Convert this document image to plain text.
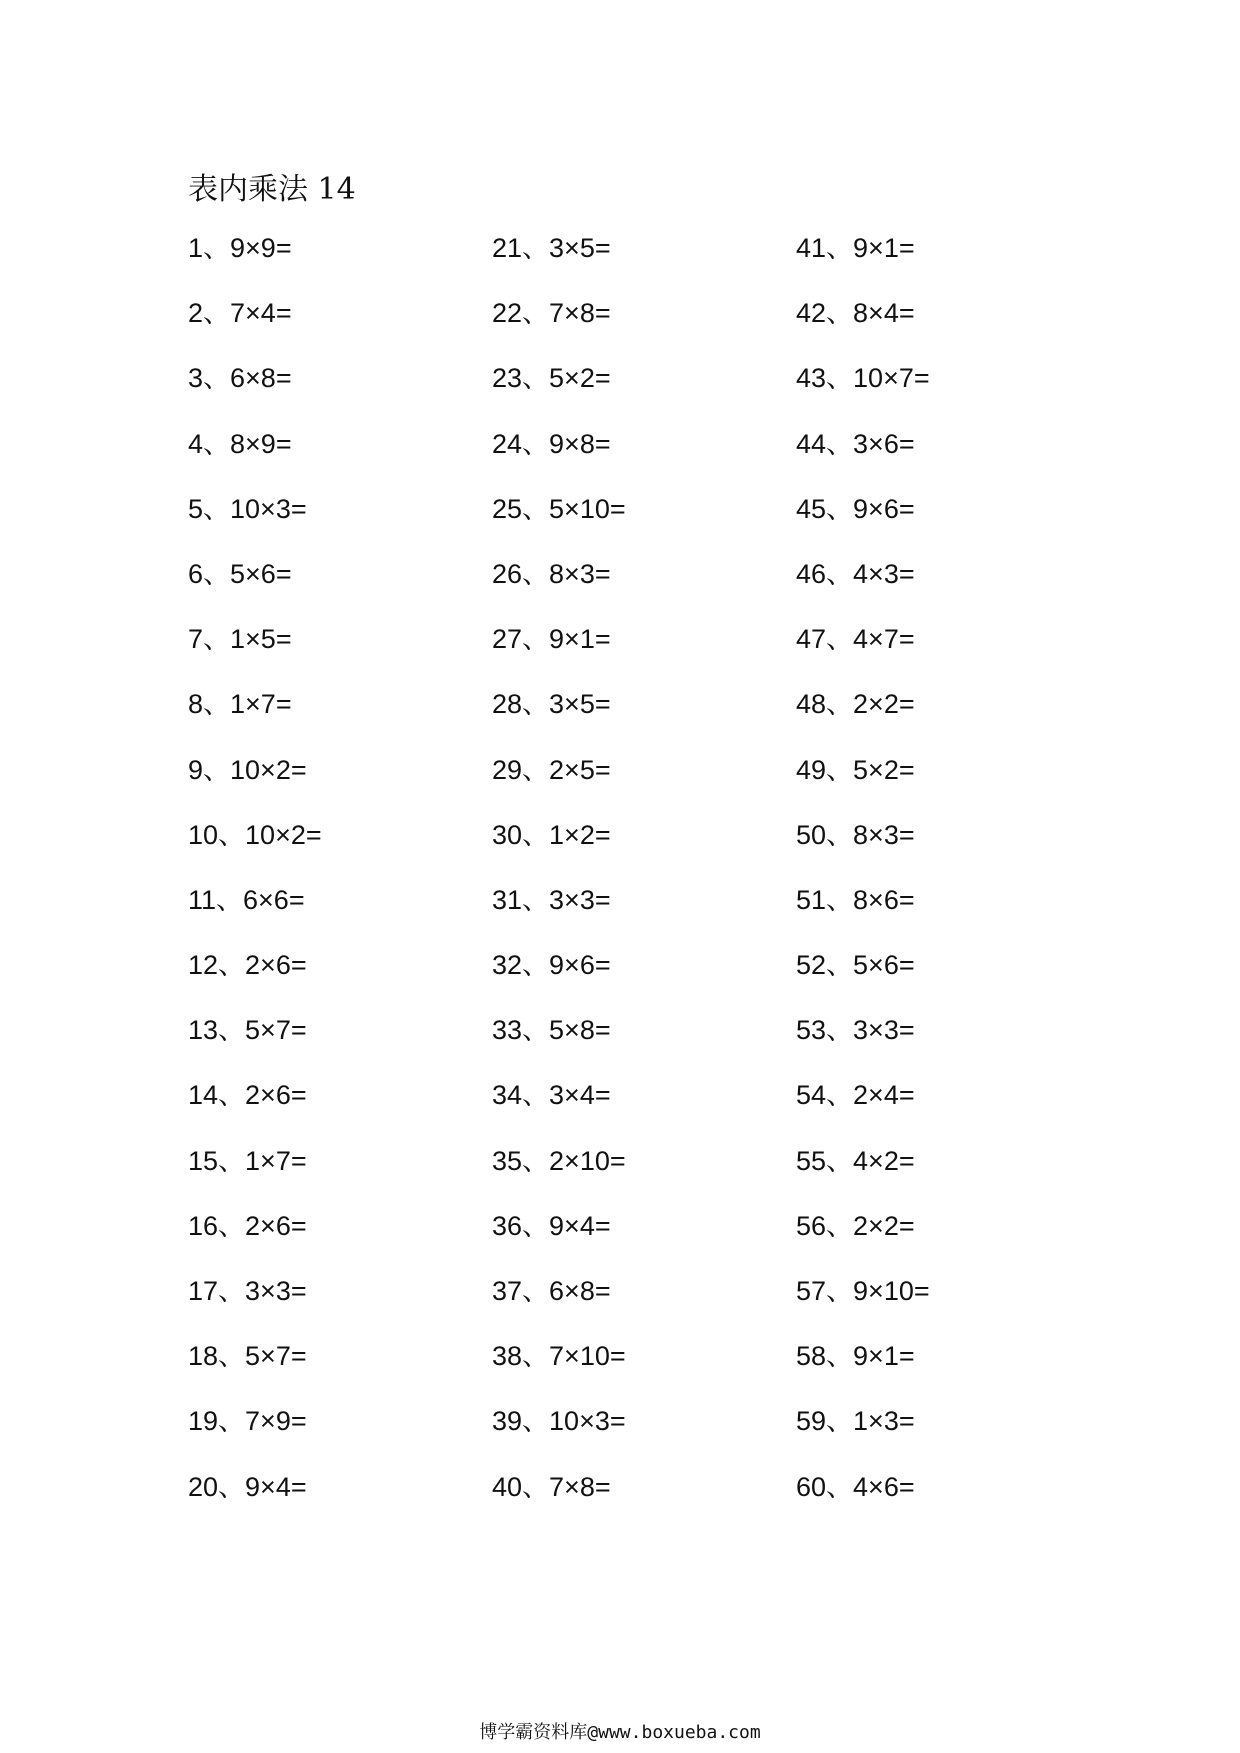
表内乘法 14
1、9×9=
2、7×4=
3、6×8=
4、8×9=
5、10×3=
6、5×6=
7、1×5=
8、1×7=
9、10×2=
10、10×2=
11、6×6=
12、2×6=
13、5×7=
14、2×6=
15、1×7=
16、2×6=
17、3×3=
18、5×7=
19、7×9=
20、9×4=
21、3×5=
22、7×8=
23、5×2=
24、9×8=
25、5×10=
26、8×3=
27、9×1=
28、3×5=
29、2×5=
30、1×2=
31、3×3=
32、9×6=
33、5×8=
34、3×4=
35、2×10=
36、9×4=
37、6×8=
38、7×10=
39、10×3=
40、7×8=
41、9×1=
42、8×4=
43、10×7=
44、3×6=
45、9×6=
46、4×3=
47、4×7=
48、2×2=
49、5×2=
50、8×3=
51、8×6=
52、5×6=
53、3×3=
54、2×4=
55、4×2=
56、2×2=
57、9×10=
58、9×1=
59、1×3=
60、4×6=
博学霸资料库@www.boxueba.com
